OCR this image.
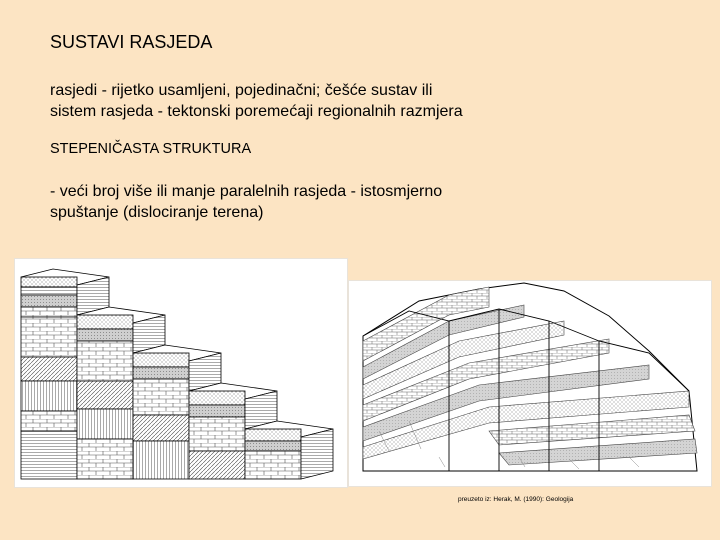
SUSTAVI RASJEDA
rasjedi - rijetko usamljeni, pojedinačni; češće sustav ili
sistem rasjeda - tektonski poremećaji regionalnih razmjera
STEPENIČASTA STRUKTURA
- veći broj više ili manje paralelnih rasjeda - istosmjerno
spuštanje (dislociranje terena)
preuzeto iz: Herak, M. (1990): Geologija
